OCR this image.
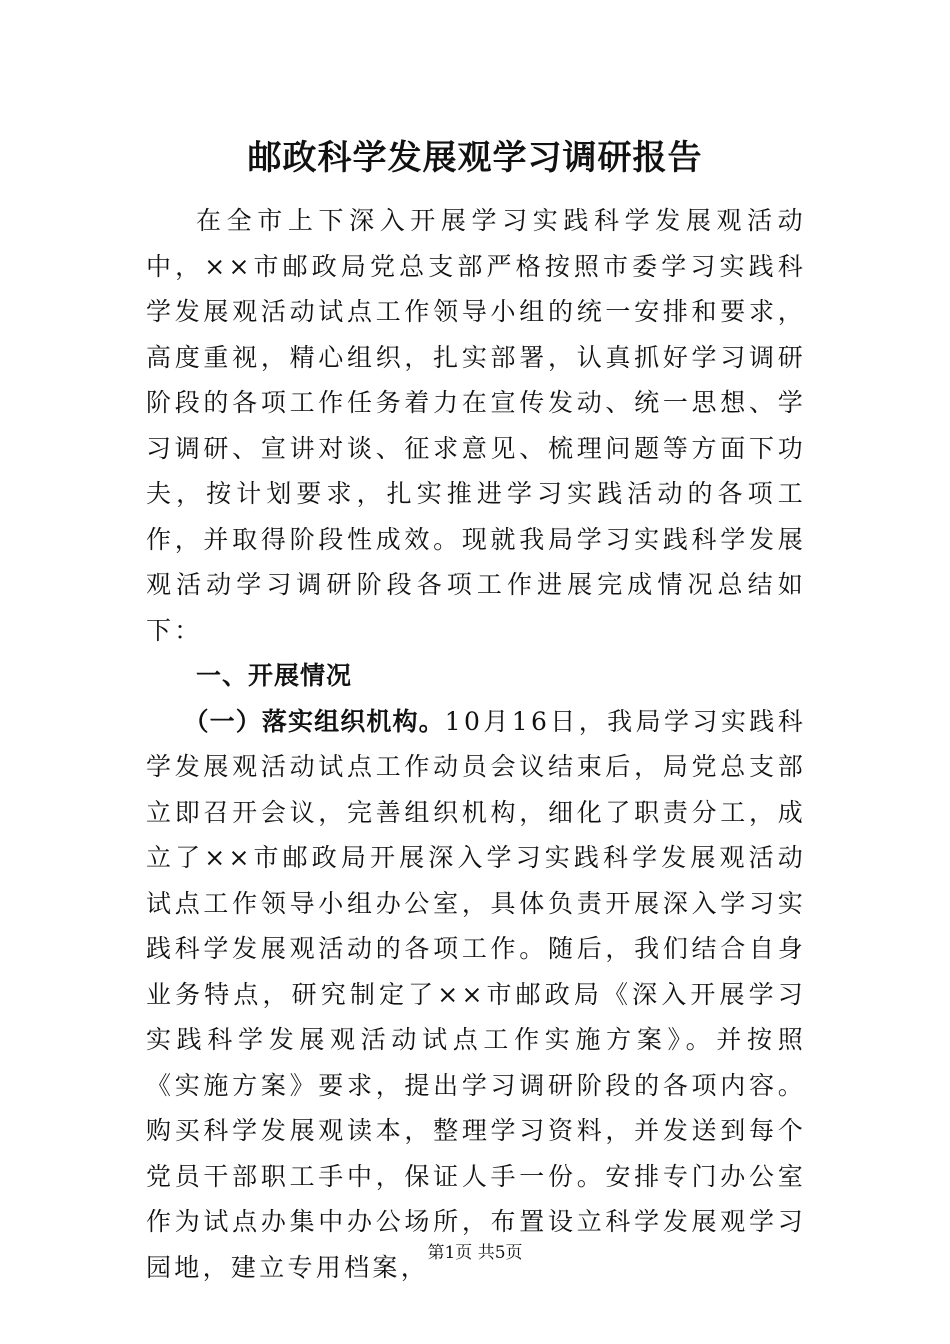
邮政科学发展观学习调研报告

在全市上下深入开展学习实践科学发展观活动中，××市邮政局党总支部严格按照市委学习实践科学发展观活动试点工作领导小组的统一安排和要求，高度重视，精心组织，扎实部署，认真抓好学习调研阶段的各项工作任务着力在宣传发动、统一思想、学习调研、宣讲对谈、征求意见、梳理问题等方面下功夫，按计划要求，扎实推进学习实践活动的各项工作，并取得阶段性成效。现就我局学习实践科学发展观活动学习调研阶段各项工作进展完成情况总结如下：

一、开展情况

（一）落实组织机构。10月16日，我局学习实践科学发展观活动试点工作动员会议结束后，局党总支部立即召开会议，完善组织机构，细化了职责分工，成立了××市邮政局开展深入学习实践科学发展观活动试点工作领导小组办公室，具体负责开展深入学习实践科学发展观活动的各项工作。随后，我们结合自身业务特点，研究制定了××市邮政局《深入开展学习实践科学发展观活动试点工作实施方案》。并按照《实施方案》要求，提出学习调研阶段的各项内容。购买科学发展观读本，整理学习资料，并发送到每个党员干部职工手中，保证人手一份。安排专门办公室作为试点办集中办公场所，布置设立科学发展观学习园地，建立专用档案，

第1页 共5页
